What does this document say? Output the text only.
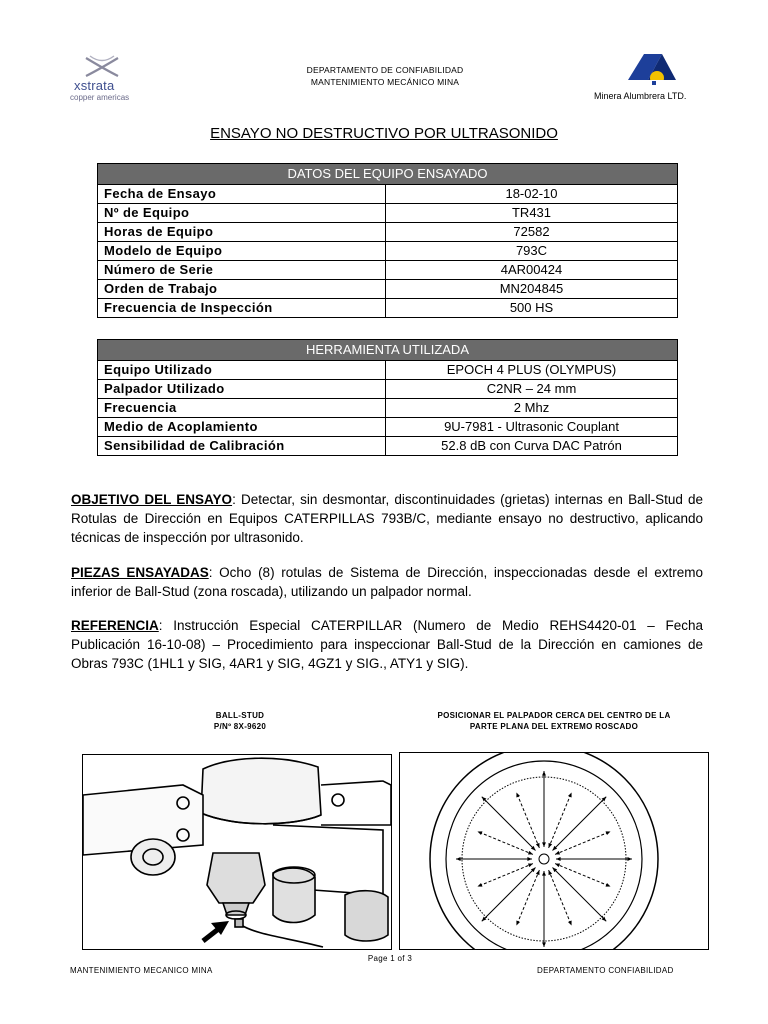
xstrata
copper americas
DEPARTAMENTO DE CONFIABILIDAD
MANTENIMIENTO MECÁNICO MINA
Minera Alumbrera LTD.
ENSAYO NO DESTRUCTIVO POR ULTRASONIDO
DATOS DEL EQUIPO ENSAYADO	
Fecha de Ensayo	18-02-10
Nº de Equipo	TR431
Horas de Equipo	72582
Modelo de Equipo	793C
Número de Serie	4AR00424
Orden de Trabajo	MN204845
Frecuencia de Inspección	500 HS
HERRAMIENTA UTILIZADA	
Equipo Utilizado	EPOCH 4 PLUS (OLYMPUS)
Palpador Utilizado	C2NR – 24 mm
Frecuencia	2 Mhz
Medio de Acoplamiento	9U-7981 - Ultrasonic Couplant
Sensibilidad de Calibración	52.8 dB con Curva DAC Patrón
OBJETIVO DEL ENSAYO: Detectar, sin desmontar, discontinuidades (grietas) internas en Ball-Stud de Rotulas de Dirección en Equipos CATERPILLAS 793B/C, mediante ensayo no destructivo, aplicando técnicas de inspección por ultrasonido.
PIEZAS ENSAYADAS: Ocho (8) rotulas de Sistema de Dirección, inspeccionadas desde el extremo inferior de Ball-Stud (zona roscada), utilizando un palpador normal.
REFERENCIA: Instrucción Especial CATERPILLAR (Numero de Medio REHS4420-01 – Fecha Publicación 16-10-08) – Procedimiento para inspeccionar Ball-Stud de la Dirección en camiones de Obras 793C (1HL1 y SIG, 4AR1 y SIG, 4GZ1 y SIG., ATY1 y SIG).
BALL-STUD
P/Nº 8X-9620
POSICIONAR EL PALPADOR CERCA DEL CENTRO DE LA
PARTE PLANA DEL EXTREMO ROSCADO
Page 1 of 3
MANTENIMIENTO MECANICO MINA	DEPARTAMENTO CONFIABILIDAD
